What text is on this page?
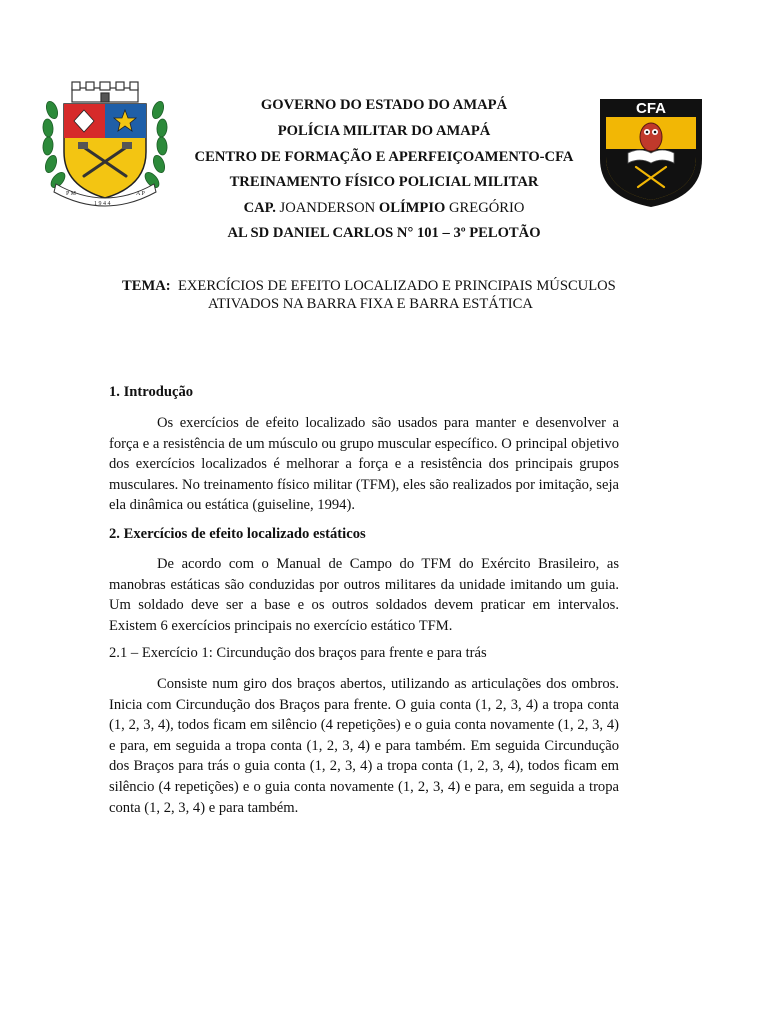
P M
1 9 4 4
A P
CFA
GOVERNO DO ESTADO DO AMAPÁ
POLÍCIA MILITAR DO AMAPÁ
CENTRO DE FORMAÇÃO E APERFEIÇOAMENTO-CFA
TREINAMENTO FÍSICO POLICIAL MILITAR
CAP. JOANDERSON OLÍMPIO GREGÓRIO
AL SD DANIEL CARLOS N° 101 – 3º PELOTÃO
TEMA: EXERCÍCIOS DE EFEITO LOCALIZADO E PRINCIPAIS MÚSCULOS
ATIVADOS NA BARRA FIXA E BARRA ESTÁTICA
1. Introdução

Os exercícios de efeito localizado são usados para manter e desenvolver a força e a resistência de um músculo ou grupo muscular específico. O principal objetivo dos exercícios localizados é melhorar a força e a resistência dos principais grupos musculares. No treinamento físico militar (TFM), eles são realizados por imitação, seja ela dinâmica ou estática (guiseline, 1994).

2. Exercícios de efeito localizado estáticos

De acordo com o Manual de Campo do TFM do Exército Brasileiro, as manobras estáticas são conduzidas por outros militares da unidade imitando um guia. Um soldado deve ser a base e os outros soldados devem praticar em intervalos. Existem 6 exercícios principais no exercício estático TFM.

2.1 – Exercício 1: Circundução dos braços para frente e para trás

Consiste num giro dos braços abertos, utilizando as articulações dos ombros. Inicia com Circundução dos Braços para frente. O guia conta (1, 2, 3, 4) a tropa conta (1, 2, 3, 4), todos ficam em silêncio (4 repetições) e o guia conta novamente (1, 2, 3, 4) e para, em seguida a tropa conta (1, 2, 3, 4) e para também. Em seguida Circundução dos Braços para trás o guia conta (1, 2, 3, 4) a tropa conta (1, 2, 3, 4), todos ficam em silêncio (4 repetições) e o guia conta novamente (1, 2, 3, 4) e para, em seguida a tropa conta (1, 2, 3, 4) e para também.
